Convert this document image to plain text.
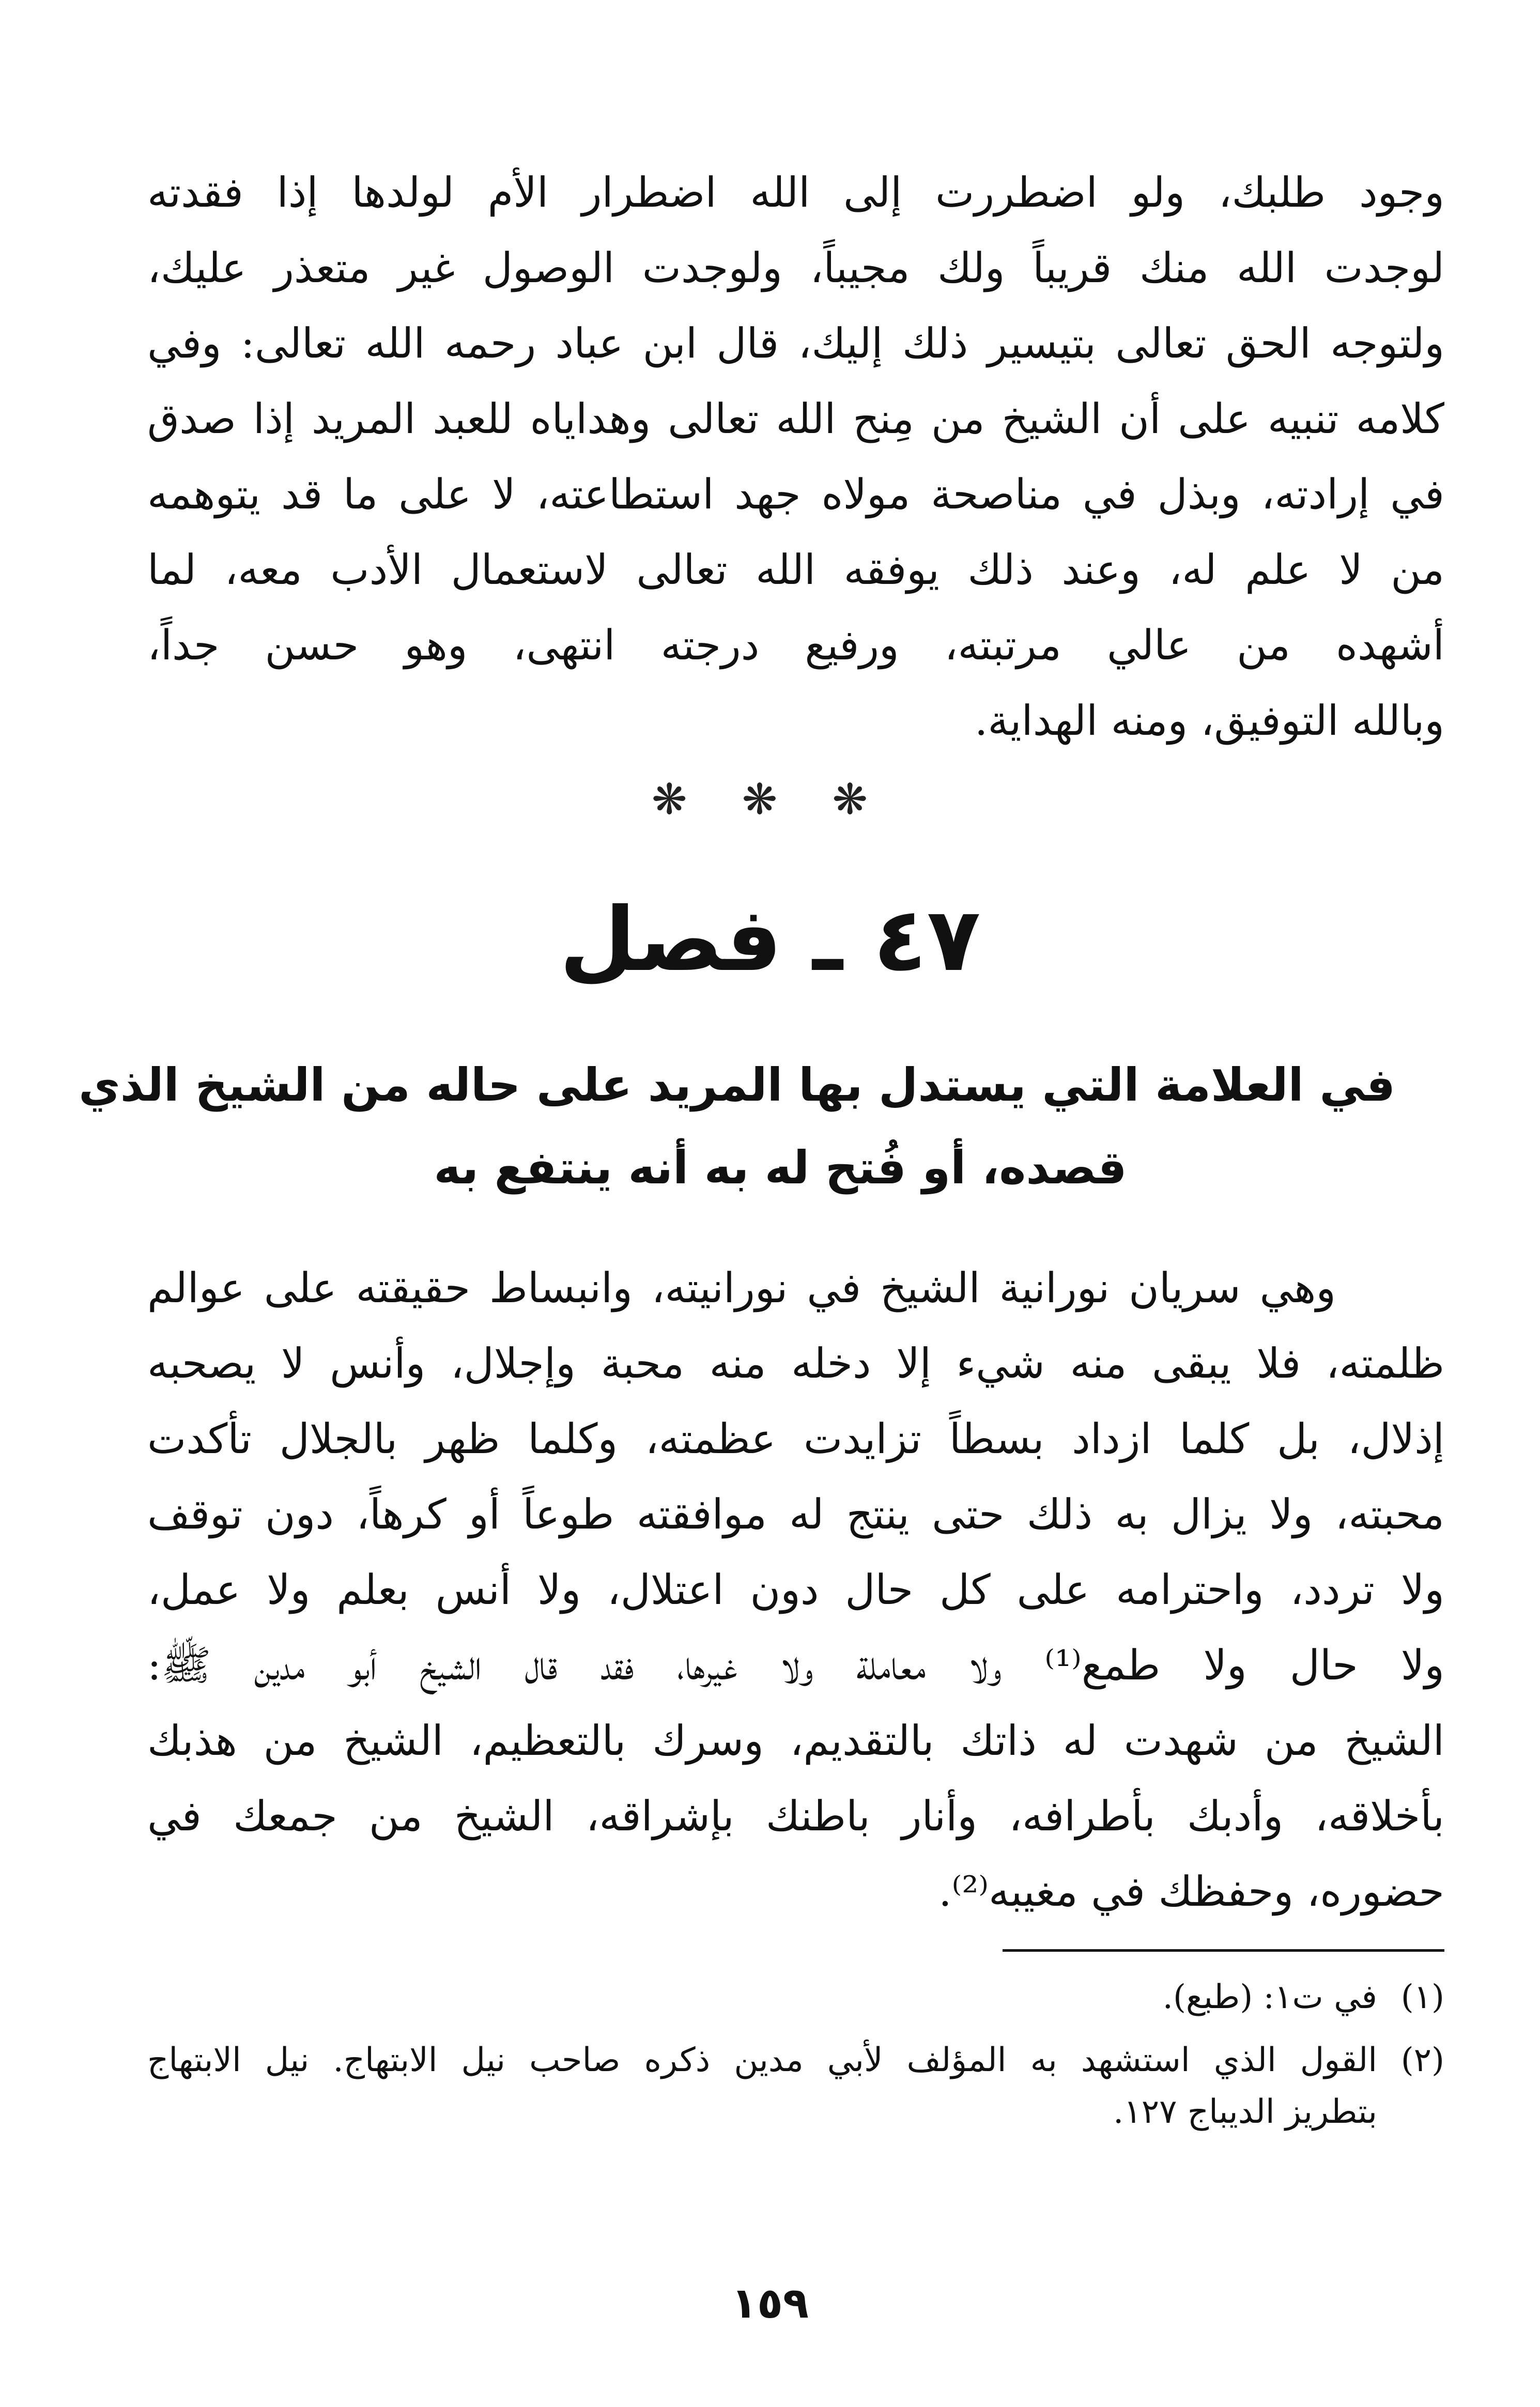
وجود طلبك، ولو اضطررت إلى الله اضطرار الأم لولدها إذا فقدته
لوجدت الله منك قريباً ولك مجيباً، ولوجدت الوصول غير متعذر عليك،
ولتوجه الحق تعالى بتيسير ذلك إليك، قال ابن عباد رحمه الله تعالى: وفي
كلامه تنبيه على أن الشيخ من مِنح الله تعالى وهداياه للعبد المريد إذا صدق
في إرادته، وبذل في مناصحة مولاه جهد استطاعته، لا على ما قد يتوهمه
من لا علم له، وعند ذلك يوفقه الله تعالى لاستعمال الأدب معه، لما
أشهده من عالي مرتبته، ورفيع درجته انتهى، وهو حسن جداً،
وبالله التوفيق، ومنه الهداية.
❋ ❋ ❋
٤٧ ـ فصل
في العلامة التي يستدل بها المريد على حاله من الشيخ الذي
قصده، أو فُتح له به أنه ينتفع به
وهي سريان نورانية الشيخ في نورانيته، وانبساط حقيقته على عوالم
ظلمته، فلا يبقى منه شيء إلا دخله منه محبة وإجلال، وأنس لا يصحبه
إذلال، بل كلما ازداد بسطاً تزايدت عظمته، وكلما ظهر بالجلال تأكدت
محبته، ولا يزال به ذلك حتى ينتج له موافقته طوعاً أو كرهاً، دون توقف
ولا تردد، واحترامه على كل حال دون اعتلال، ولا أنس بعلم ولا عمل،
ولا حال ولا طمع⁽¹⁾ ولا معاملة ولا غيرها، فقد قال الشيخ أبو مدين ﷺ:
الشيخ من شهدت له ذاتك بالتقديم، وسرك بالتعظيم، الشيخ من هذبك
بأخلاقه، وأدبك بأطرافه، وأنار باطنك بإشراقه، الشيخ من جمعك في
حضوره، وحفظك في مغيبه⁽²⁾.
(١)
في ت١: (طبع).
(٢)
القول الذي استشهد به المؤلف لأبي مدين ذكره صاحب نيل الابتهاج. نيل الابتهاج
بتطريز الديباج ١٢٧.
١٥٩
